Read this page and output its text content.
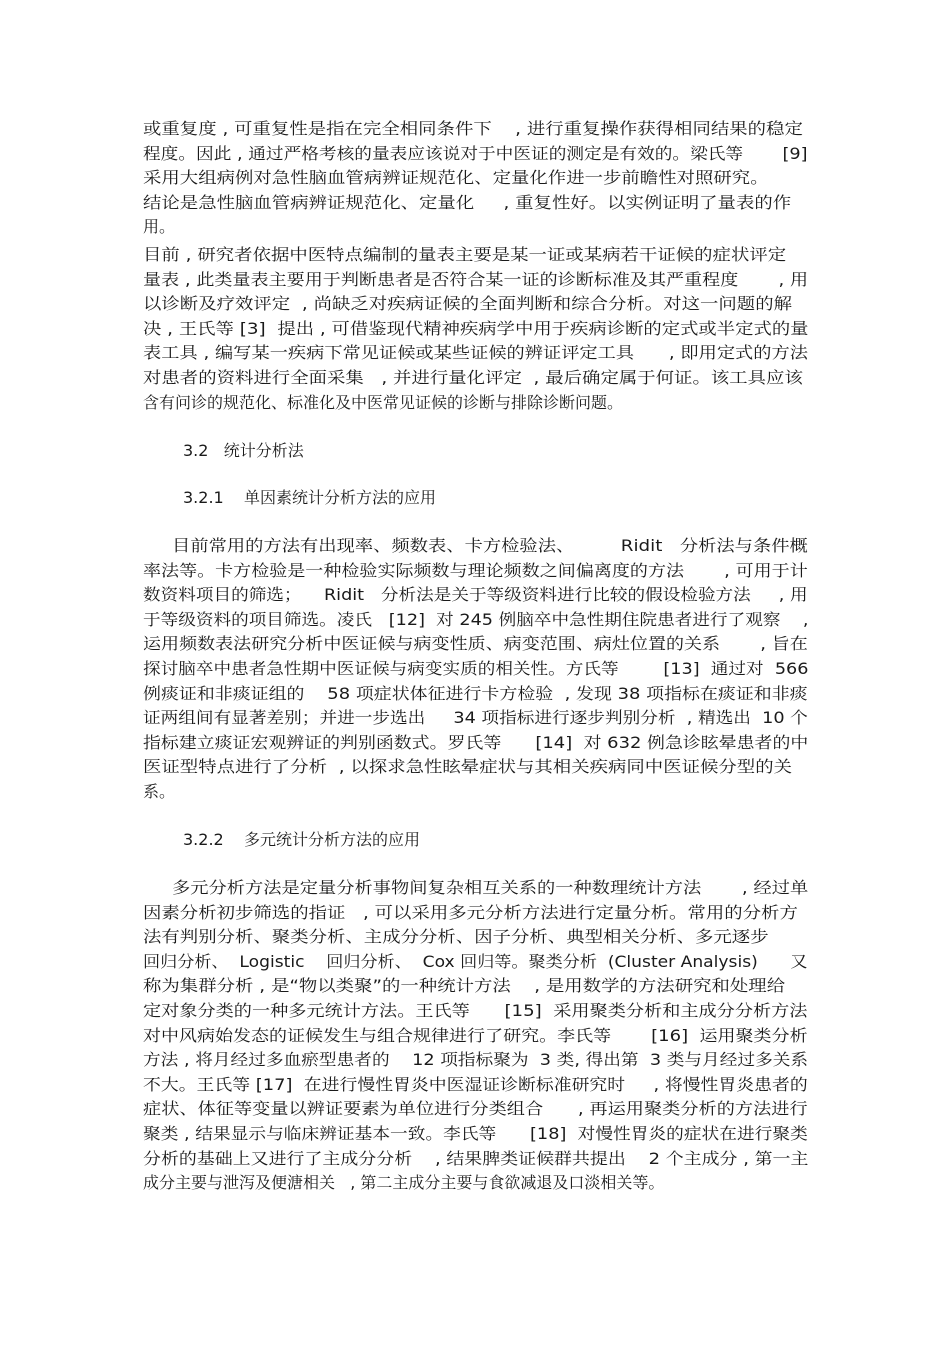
或重复度 , 可重复性是指在完全相同条件下    , 进行重复操作获得相同结果的稳定
程度。因此 , 通过严格考核的量表应该说对于中医证的测定是有效的。梁氏等       [9]
采用大组病例对急性脑血管病辨证规范化、定量化作进一步前瞻性对照研究。
结论是急性脑血管病辨证规范化、定量化     , 重复性好。以实例证明了量表的作
用。
目前 , 研究者依据中医特点编制的量表主要是某一证或某病若干证候的症状评定
量表 , 此类量表主要用于判断患者是否符合某一证的诊断标准及其严重程度       , 用
以诊断及疗效评定  , 尚缺乏对疾病证候的全面判断和综合分析。对这一问题的解
决 , 王氏等 [3]  提出 , 可借鉴现代精神疾病学中用于疾病诊断的定式或半定式的量
表工具 , 编写某一疾病下常见证候或某些证候的辨证评定工具      , 即用定式的方法
对患者的资料进行全面采集   , 并进行量化评定  , 最后确定属于何证。该工具应该
含有问诊的规范化、标准化及中医常见证候的诊断与排除诊断问题。
3.2   统计分析法
3.2.1    单因素统计分析方法的应用
目前常用的方法有出现率、频数表、卡方检验法、        Ridit   分析法与条件概
率法等。卡方检验是一种检验实际频数与理论频数之间偏离度的方法       , 可用于计
数资料项目的筛选；    Ridit   分析法是关于等级资料进行比较的假设检验方法     , 用
于等级资料的项目筛选。凌氏   [12]  对 245 例脑卒中急性期住院患者进行了观察    ,
运用频数表法研究分析中医证候与病变性质、病变范围、病灶位置的关系       , 旨在
探讨脑卒中患者急性期中医证候与病变实质的相关性。方氏等        [13]  通过对  566
例痰证和非痰证组的    58 项症状体征进行卡方检验  , 发现 38 项指标在痰证和非痰
证两组间有显著差别；并进一步选出     34 项指标进行逐步判别分析  , 精选出  10 个
指标建立痰证宏观辨证的判别函数式。罗氏等      [14]  对 632 例急诊眩晕患者的中
医证型特点进行了分析  , 以探求急性眩晕症状与其相关疾病同中医证候分型的关
系。
3.2.2    多元统计分析方法的应用
多元分析方法是定量分析事物间复杂相互关系的一种数理统计方法       , 经过单
因素分析初步筛选的指证   , 可以采用多元分析方法进行定量分析。常用的分析方
法有判别分析、聚类分析、主成分分析、因子分析、典型相关分析、多元逐步
回归分析、  Logistic    回归分析、  Cox 回归等。聚类分析  (Cluster Analysis)      又
称为集群分析 , 是“物以类聚”的一种统计方法    , 是用数学的方法研究和处理给
定对象分类的一种多元统计方法。王氏等      [15]  采用聚类分析和主成分分析方法
对中风病始发态的证候发生与组合规律进行了研究。李氏等       [16]  运用聚类分析
方法 , 将月经过多血瘀型患者的    12 项指标聚为  3 类, 得出第  3 类与月经过多关系
不大。王氏等 [17]  在进行慢性胃炎中医湿证诊断标准研究时     , 将慢性胃炎患者的
症状、体征等变量以辨证要素为单位进行分类组合      , 再运用聚类分析的方法进行
聚类 , 结果显示与临床辨证基本一致。李氏等      [18]  对慢性胃炎的症状在进行聚类
分析的基础上又进行了主成分分析    , 结果脾类证候群共提出    2 个主成分 , 第一主
成分主要与泄泻及便溏相关   , 第二主成分主要与食欲减退及口淡相关等。
